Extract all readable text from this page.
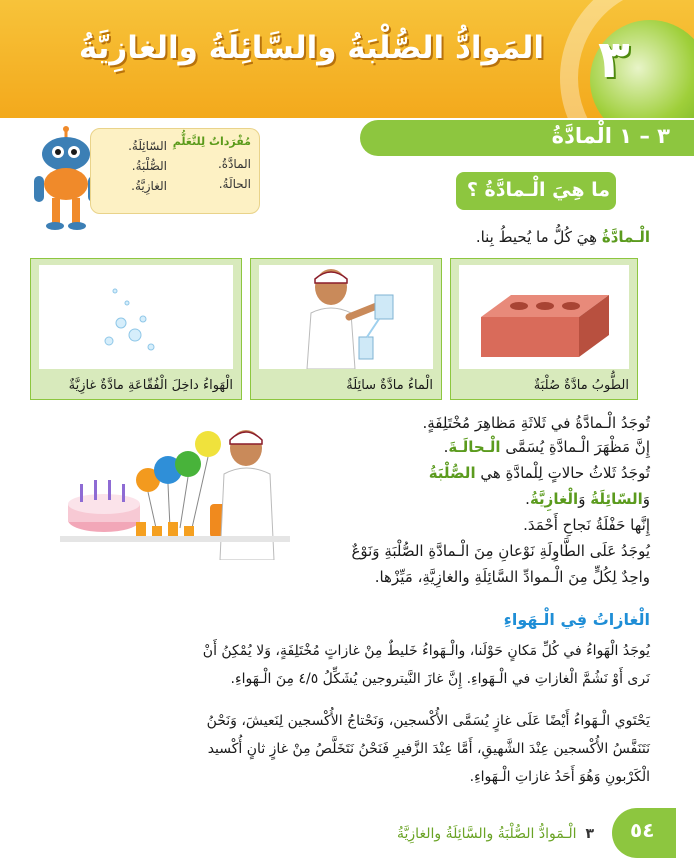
٣
المَوادُّ الصُّلْبَةُ والسَّائِلَةُ والغازِيَّةُ
٣ – ١ الْمادَّةُ
مُفْرَداتٌ لِلتَّعَلُّمِ
المادَّةُ.
الحالَةُ.
السّائِلَةُ.
الصُّلْبَةُ.
الغازِيَّةُ.	ما هِيَ الْـمادَّةُ ؟
الْـمادَّةُ هِيَ كُلُّ ما يُحيطُ بِنا.
الطُّوبُ مادَّةٌ صُلْبَةٌ
الْماءُ مادَّةٌ سائِلَةٌ
الْهَواءُ داخِلَ الْفُقّاعَةِ مادَّةٌ غازِيَّةٌ
تُوجَدُ الْـمادَّةُ في ثَلاثَةِ مَظاهِرَ مُخْتَلِفَةٍ.
إِنَّ مَظْهَرَ الْـمادَّةِ يُسَمَّى الْـحالَـةَ.
تُوجَدُ ثَلاثُ حالاتٍ لِلْمادَّةِ هي الصُّلْبَةُ
وَالسّائِلَةُ وَالْغازِيَّةُ.
إِنَّها حَفْلَةُ نَجاحِ أَحْمَدَ.
يُوجَدُ عَلَى الطَّاوِلَةِ نَوْعانِ مِنَ الْـمادَّةِ الصُّلْبَةِ وَنَوْعٌ
واحِدٌ لِكُلٍّ مِنَ الْـموادِّ السَّائِلَةِ والغازِيَّةِ، مَيِّزْها.
الْغازاتُ فِي الْـهَواءِ
يُوجَدُ الْهَواءُ في كُلِّ مَكانٍ حَوْلَنا، والْـهَواءُ خَليطٌ مِنْ غازاتٍ مُخْتَلِفَةٍ، وَلا يُمْكِنُ أَنْ
نَرى أَوْ نَشُمَّ الْغازاتِ في الْـهَواءِ. إِنَّ غازَ النَّيتروجين يُشَكِّلُ ٤/٥ مِنَ الْـهَواءِ.
يَحْتَوي الْـهَواءُ أَيْضًا عَلَى غازٍ يُسَمَّى الأُكْسجين، وَنَحْتاجُ الأُكْسجين لِنَعيشَ، وَنَحْنُ
نَتَنَفَّسُ الأُكْسجين عِنْدَ الشَّهيقِ، أَمَّا عِنْدَ الزَّفيرِ فَنَحْنُ نَتَخَلَّصُ مِنْ غازٍ ثانٍ أُكْسيد
الْكَرْبونِ وَهُوَ أَحَدُ غازاتِ الْـهَواءِ.
٥٤
٣  الْـمَوادُّ الصُّلْبَةُ والسَّائِلَةُ والغازِيَّةُ
